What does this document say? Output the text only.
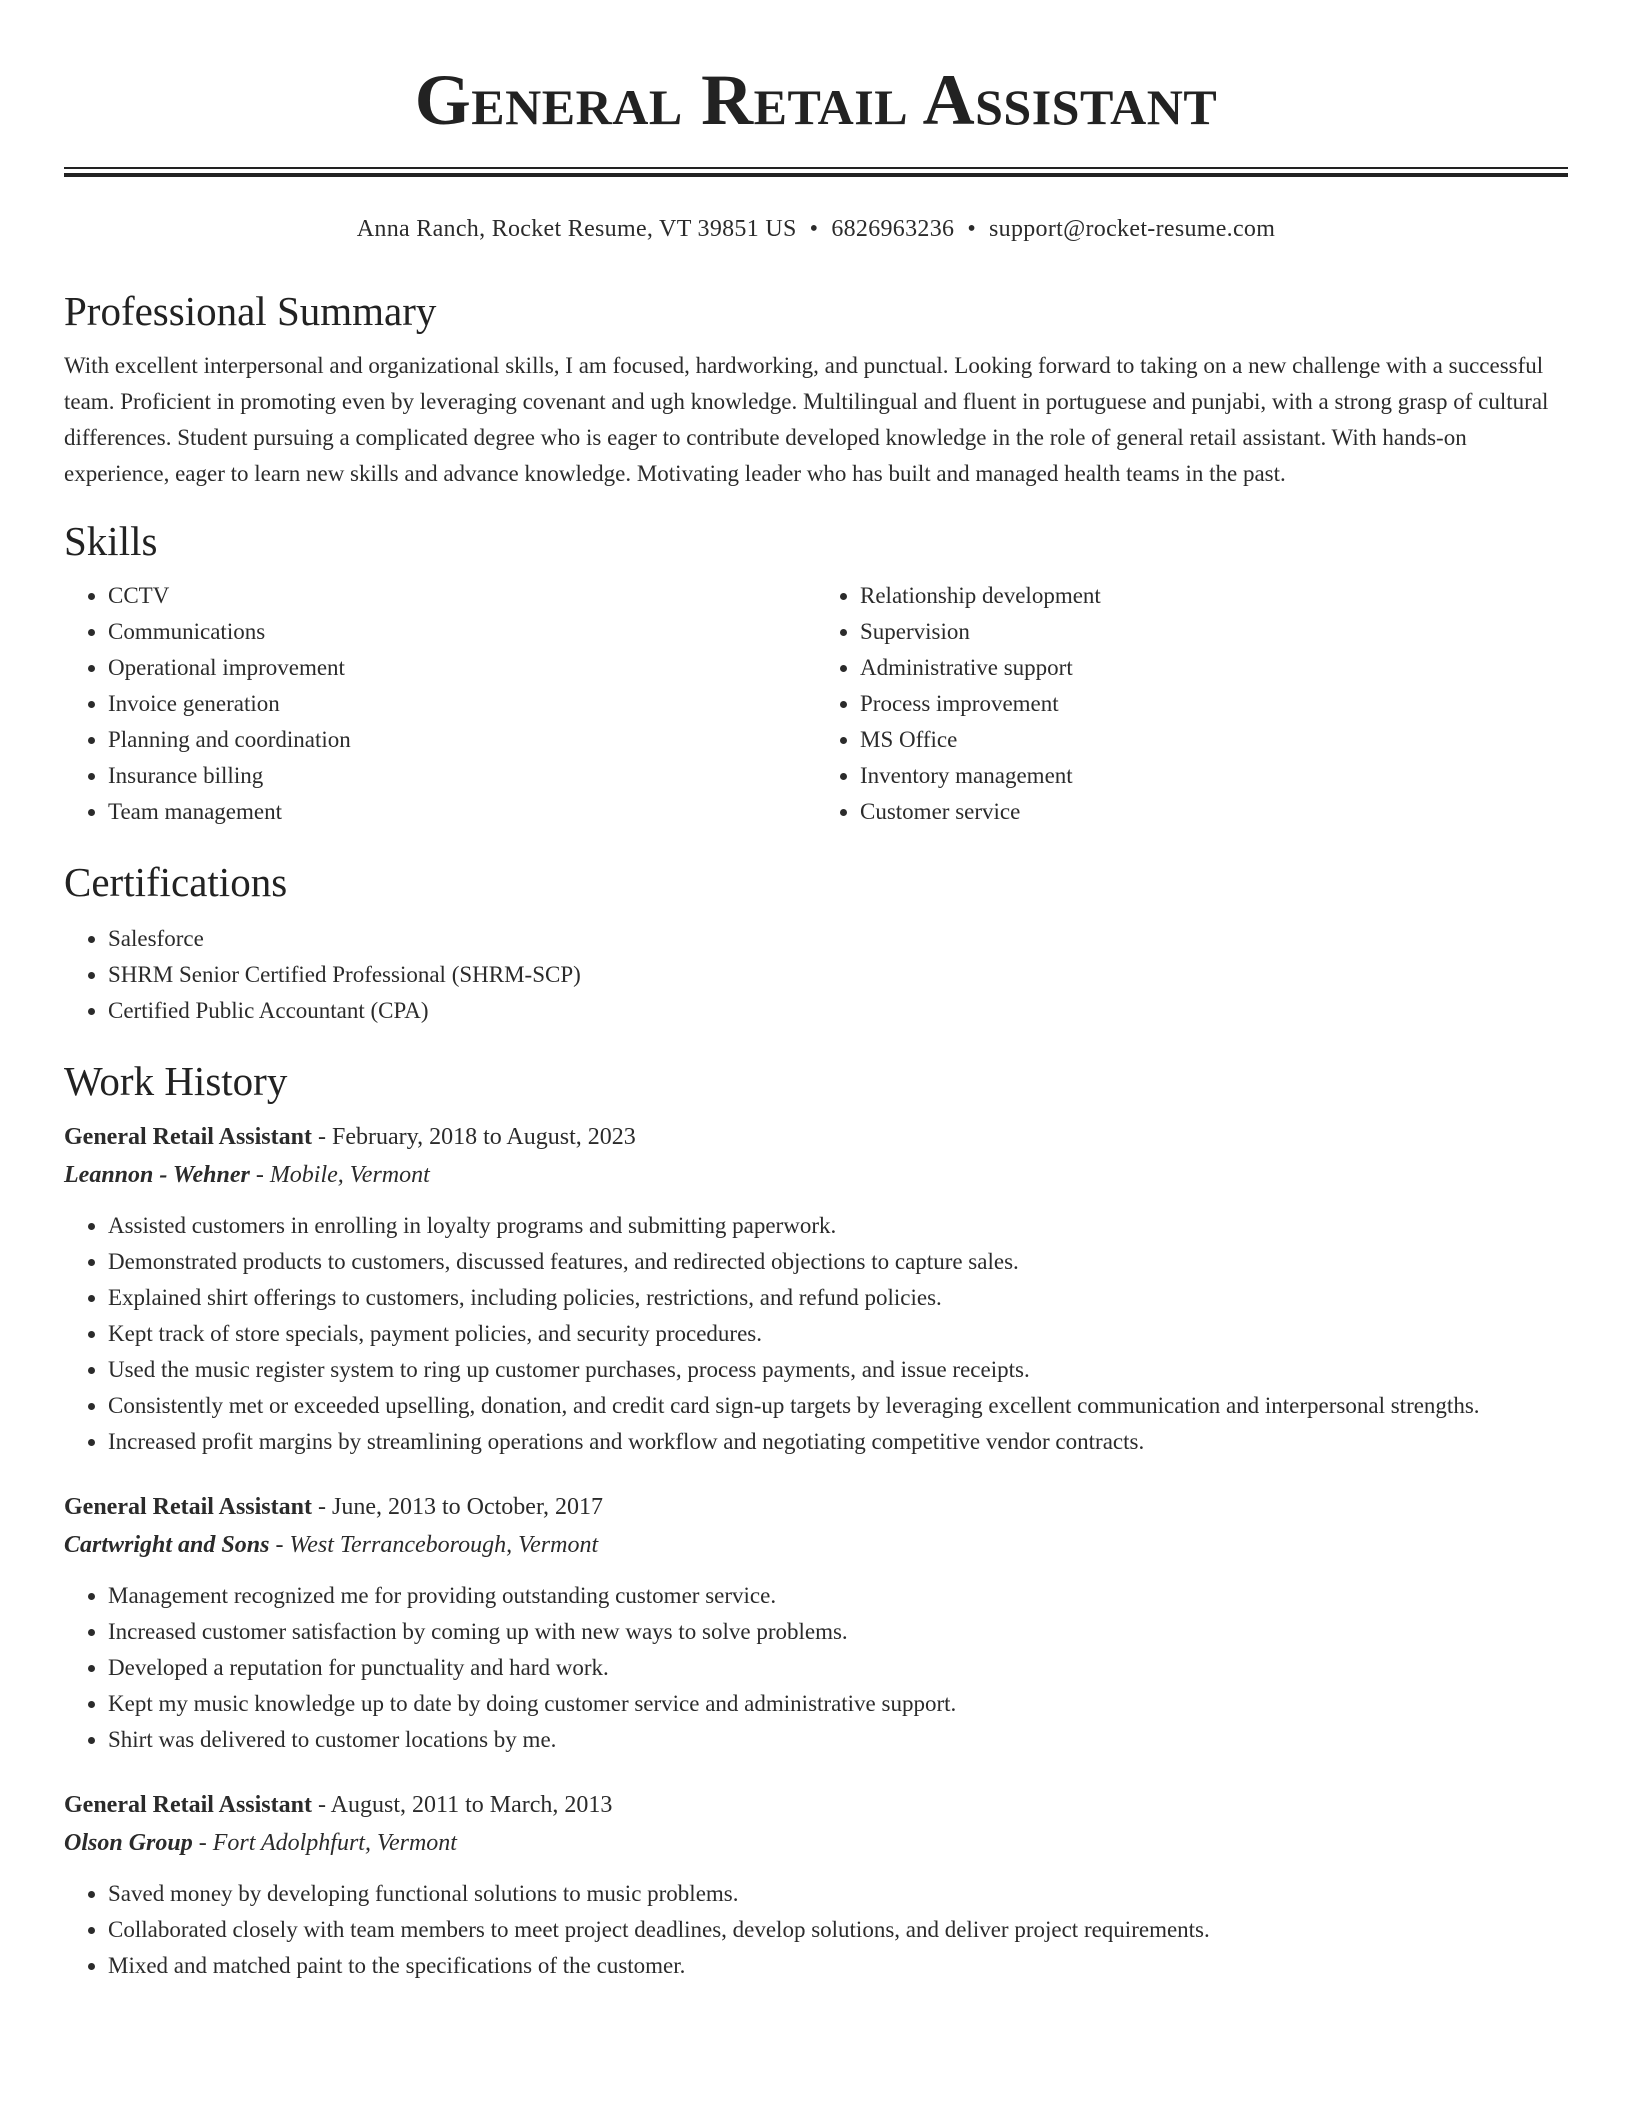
General Retail Assistant
Anna Ranch, Rocket Resume, VT 39851 US • 6826963236 • support@rocket-resume.com
Professional Summary

With excellent interpersonal and organizational skills, I am focused, hardworking, and punctual. Looking forward to taking on a new challenge with a successful team. Proficient in promoting even by leveraging covenant and ugh knowledge. Multilingual and fluent in portuguese and punjabi, with a strong grasp of cultural differences. Student pursuing a complicated degree who is eager to contribute developed knowledge in the role of general retail assistant. With hands-on experience, eager to learn new skills and advance knowledge. Motivating leader who has built and managed health teams in the past.

Skills
• CCTV
• Communications
• Operational improvement
• Invoice generation
• Planning and coordination
• Insurance billing
• Team management
• Relationship development
• Supervision
• Administrative support
• Process improvement
• MS Office
• Inventory management
• Customer service
Certifications
• Salesforce
• SHRM Senior Certified Professional (SHRM-SCP)
• Certified Public Accountant (CPA)
Work History

General Retail Assistant - February, 2018 to August, 2023

Leannon - Wehner - Mobile, Vermont

• Assisted customers in enrolling in loyalty programs and submitting paperwork.
• Demonstrated products to customers, discussed features, and redirected objections to capture sales.
• Explained shirt offerings to customers, including policies, restrictions, and refund policies.
• Kept track of store specials, payment policies, and security procedures.
• Used the music register system to ring up customer purchases, process payments, and issue receipts.
• Consistently met or exceeded upselling, donation, and credit card sign-up targets by leveraging excellent communication and interpersonal strengths.
• Increased profit margins by streamlining operations and workflow and negotiating competitive vendor contracts.

General Retail Assistant - June, 2013 to October, 2017

Cartwright and Sons - West Terranceborough, Vermont

• Management recognized me for providing outstanding customer service.
• Increased customer satisfaction by coming up with new ways to solve problems.
• Developed a reputation for punctuality and hard work.
• Kept my music knowledge up to date by doing customer service and administrative support.
• Shirt was delivered to customer locations by me.

General Retail Assistant - August, 2011 to March, 2013

Olson Group - Fort Adolphfurt, Vermont

• Saved money by developing functional solutions to music problems.
• Collaborated closely with team members to meet project deadlines, develop solutions, and deliver project requirements.
• Mixed and matched paint to the specifications of the customer.
